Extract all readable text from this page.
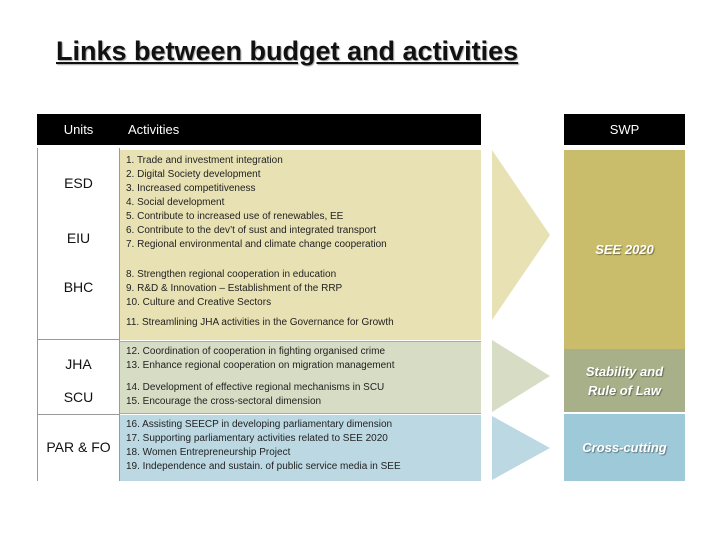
Links between budget and activities
Units	Activities	SWP
ESD
EIU
BHC
JHA
SCU
PAR & FO
1. Trade and investment integration
2. Digital Society development
3. Increased competitiveness
4. Social development
5. Contribute to increased use of renewables, EE
6. Contribute to the dev’t of sust and integrated transport
7. Regional environmental and climate change cooperation
8. Strengthen regional cooperation in education
9. R&D & Innovation – Establishment of the RRP
10. Culture and Creative Sectors
11. Streamlining JHA activities in the Governance for Growth
12. Coordination of cooperation in fighting organised crime
13. Enhance regional cooperation on migration management
14. Development of effective regional mechanisms in SCU
15. Encourage the cross-sectoral dimension
16. Assisting SEECP in developing parliamentary dimension
17. Supporting parliamentary activities related to SEE 2020
18. Women Entrepreneurship Project
19. Independence and sustain. of public service media in SEE
SEE 2020
Stability and
Rule of Law
Cross-cutting
